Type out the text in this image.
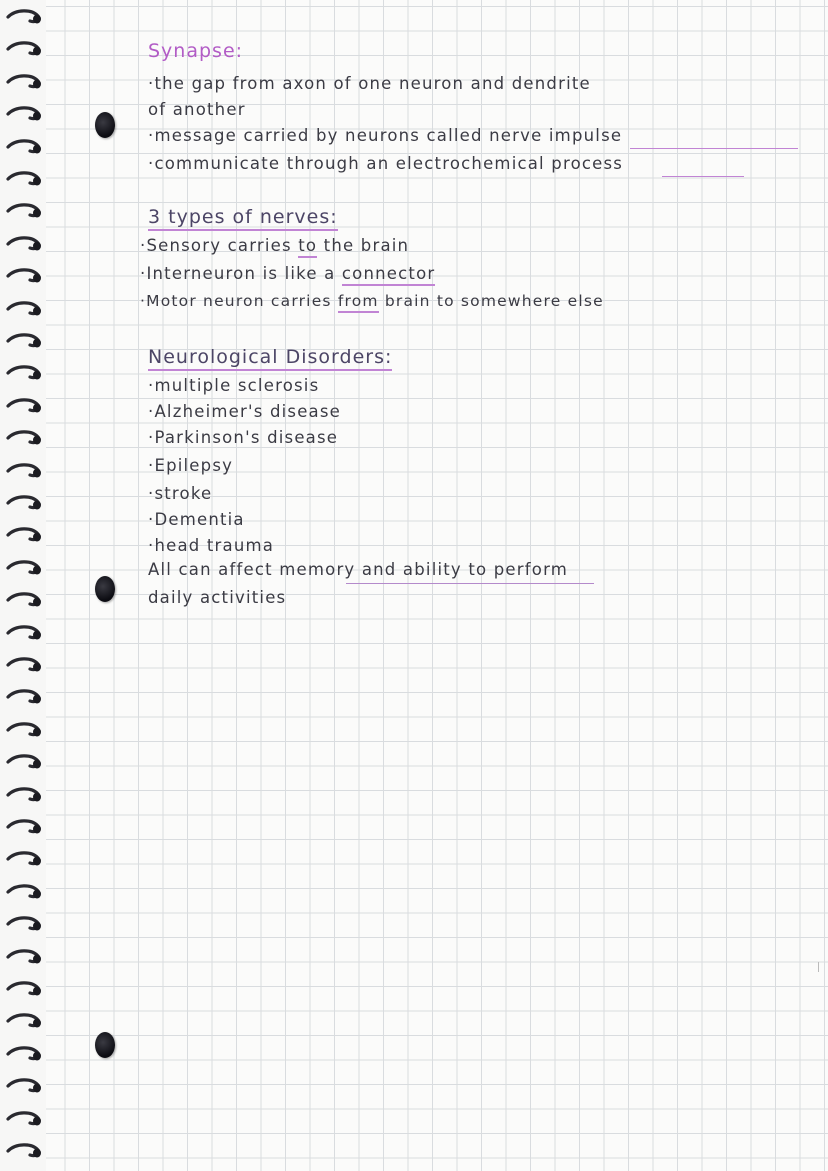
Synapse:
·the gap from axon of one neuron and dendrite
of another
·message carried by neurons called nerve impulse
·communicate through an electrochemical process
3 types of nerves:
·Sensory carries to the brain
·Interneuron is like a connector
·Motor neuron carries from brain to somewhere else
Neurological Disorders:
·multiple sclerosis
·Alzheimer's disease
·Parkinson's disease
·Epilepsy
·stroke
·Dementia
·head trauma
All can affect memory and ability to perform
daily activities
